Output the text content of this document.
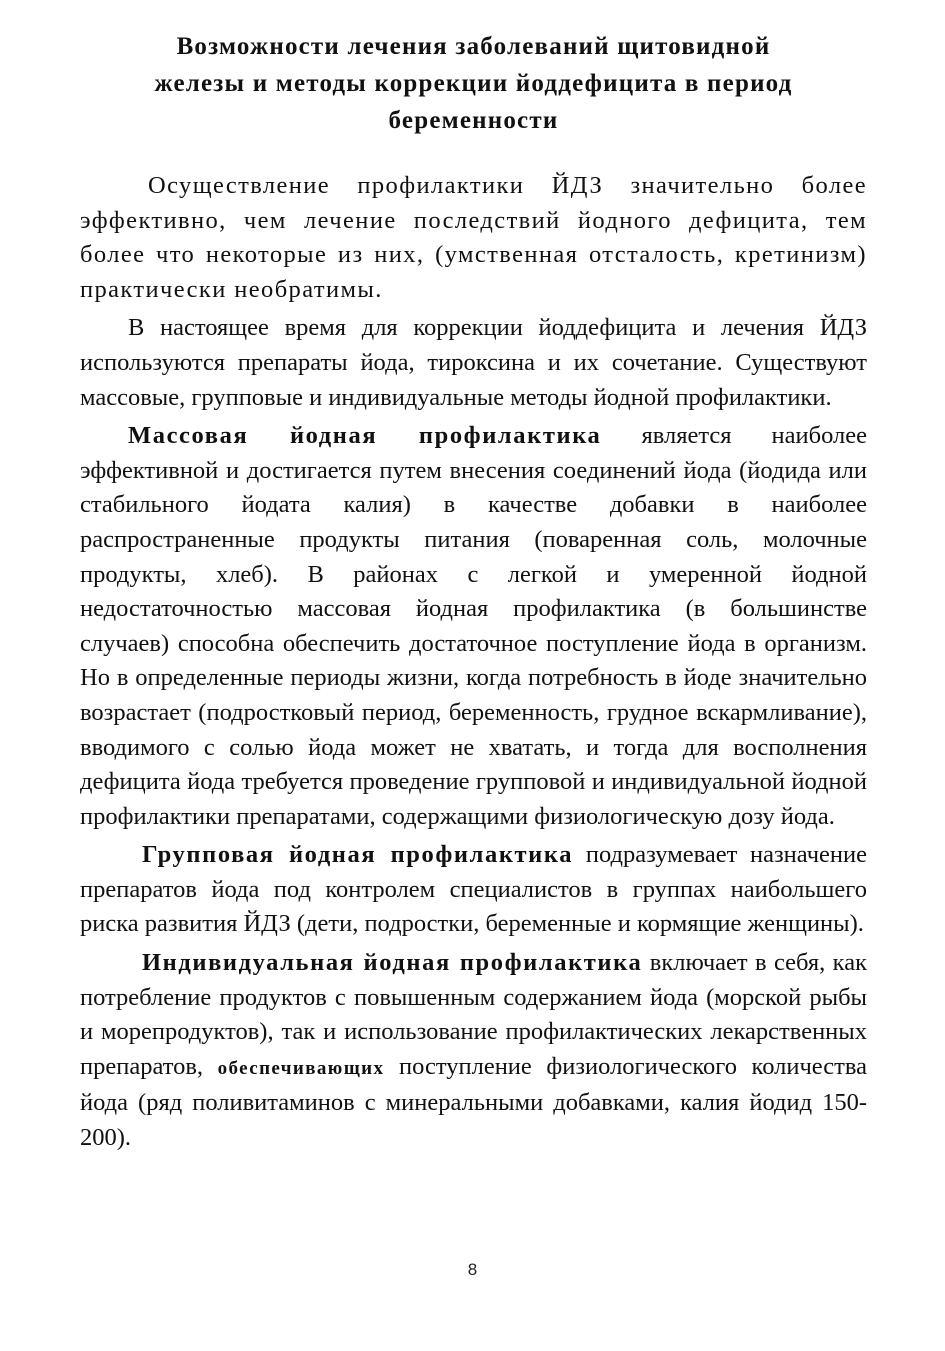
Возможности лечения заболеваний щитовидной
железы и методы коррекции йоддефицита в период
беременности

Осуществление профилактики ЙДЗ значительно более эффективно, чем лечение последствий йодного дефицита, тем более что некоторые из них, (умственная отсталость, кретинизм) практически необратимы.

В настоящее время для коррекции йоддефицита и лечения ЙДЗ используются препараты йода, тироксина и их сочетание. Существуют массовые, групповые и индивидуальные методы йодной профилактики.

Массовая йодная профилактика является наиболее эффективной и достигается путем внесения соединений йода (йодида или стабильного йодата калия) в качестве добавки в наиболее распространенные продукты питания (поваренная соль, молочные продукты, хлеб). В районах с легкой и умеренной йодной недостаточностью массовая йодная профилактика (в большинстве случаев) способна обеспечить достаточное поступление йода в организм. Но в определенные периоды жизни, когда потребность в йоде значительно возрастает (подростковый период, беременность, грудное вскармливание), вводимого с солью йода может не хватать, и тогда для восполнения дефицита йода требуется проведение групповой и индивидуальной йодной профилактики препаратами, содержащими физиологическую дозу йода.

Групповая йодная профилактика подразумевает назначение препаратов йода под контролем специалистов в группах наибольшего риска развития ЙДЗ (дети, подростки, беременные и кормящие женщины).

Индивидуальная йодная профилактика включает в себя, как потребление продуктов с повышенным содержанием йода (морской рыбы и морепродуктов), так и использование профилактических лекарственных препаратов, обеспечивающих поступление физиологического количества йода (ряд поливитаминов с минеральными добавками, калия йодид 150-200).

8
